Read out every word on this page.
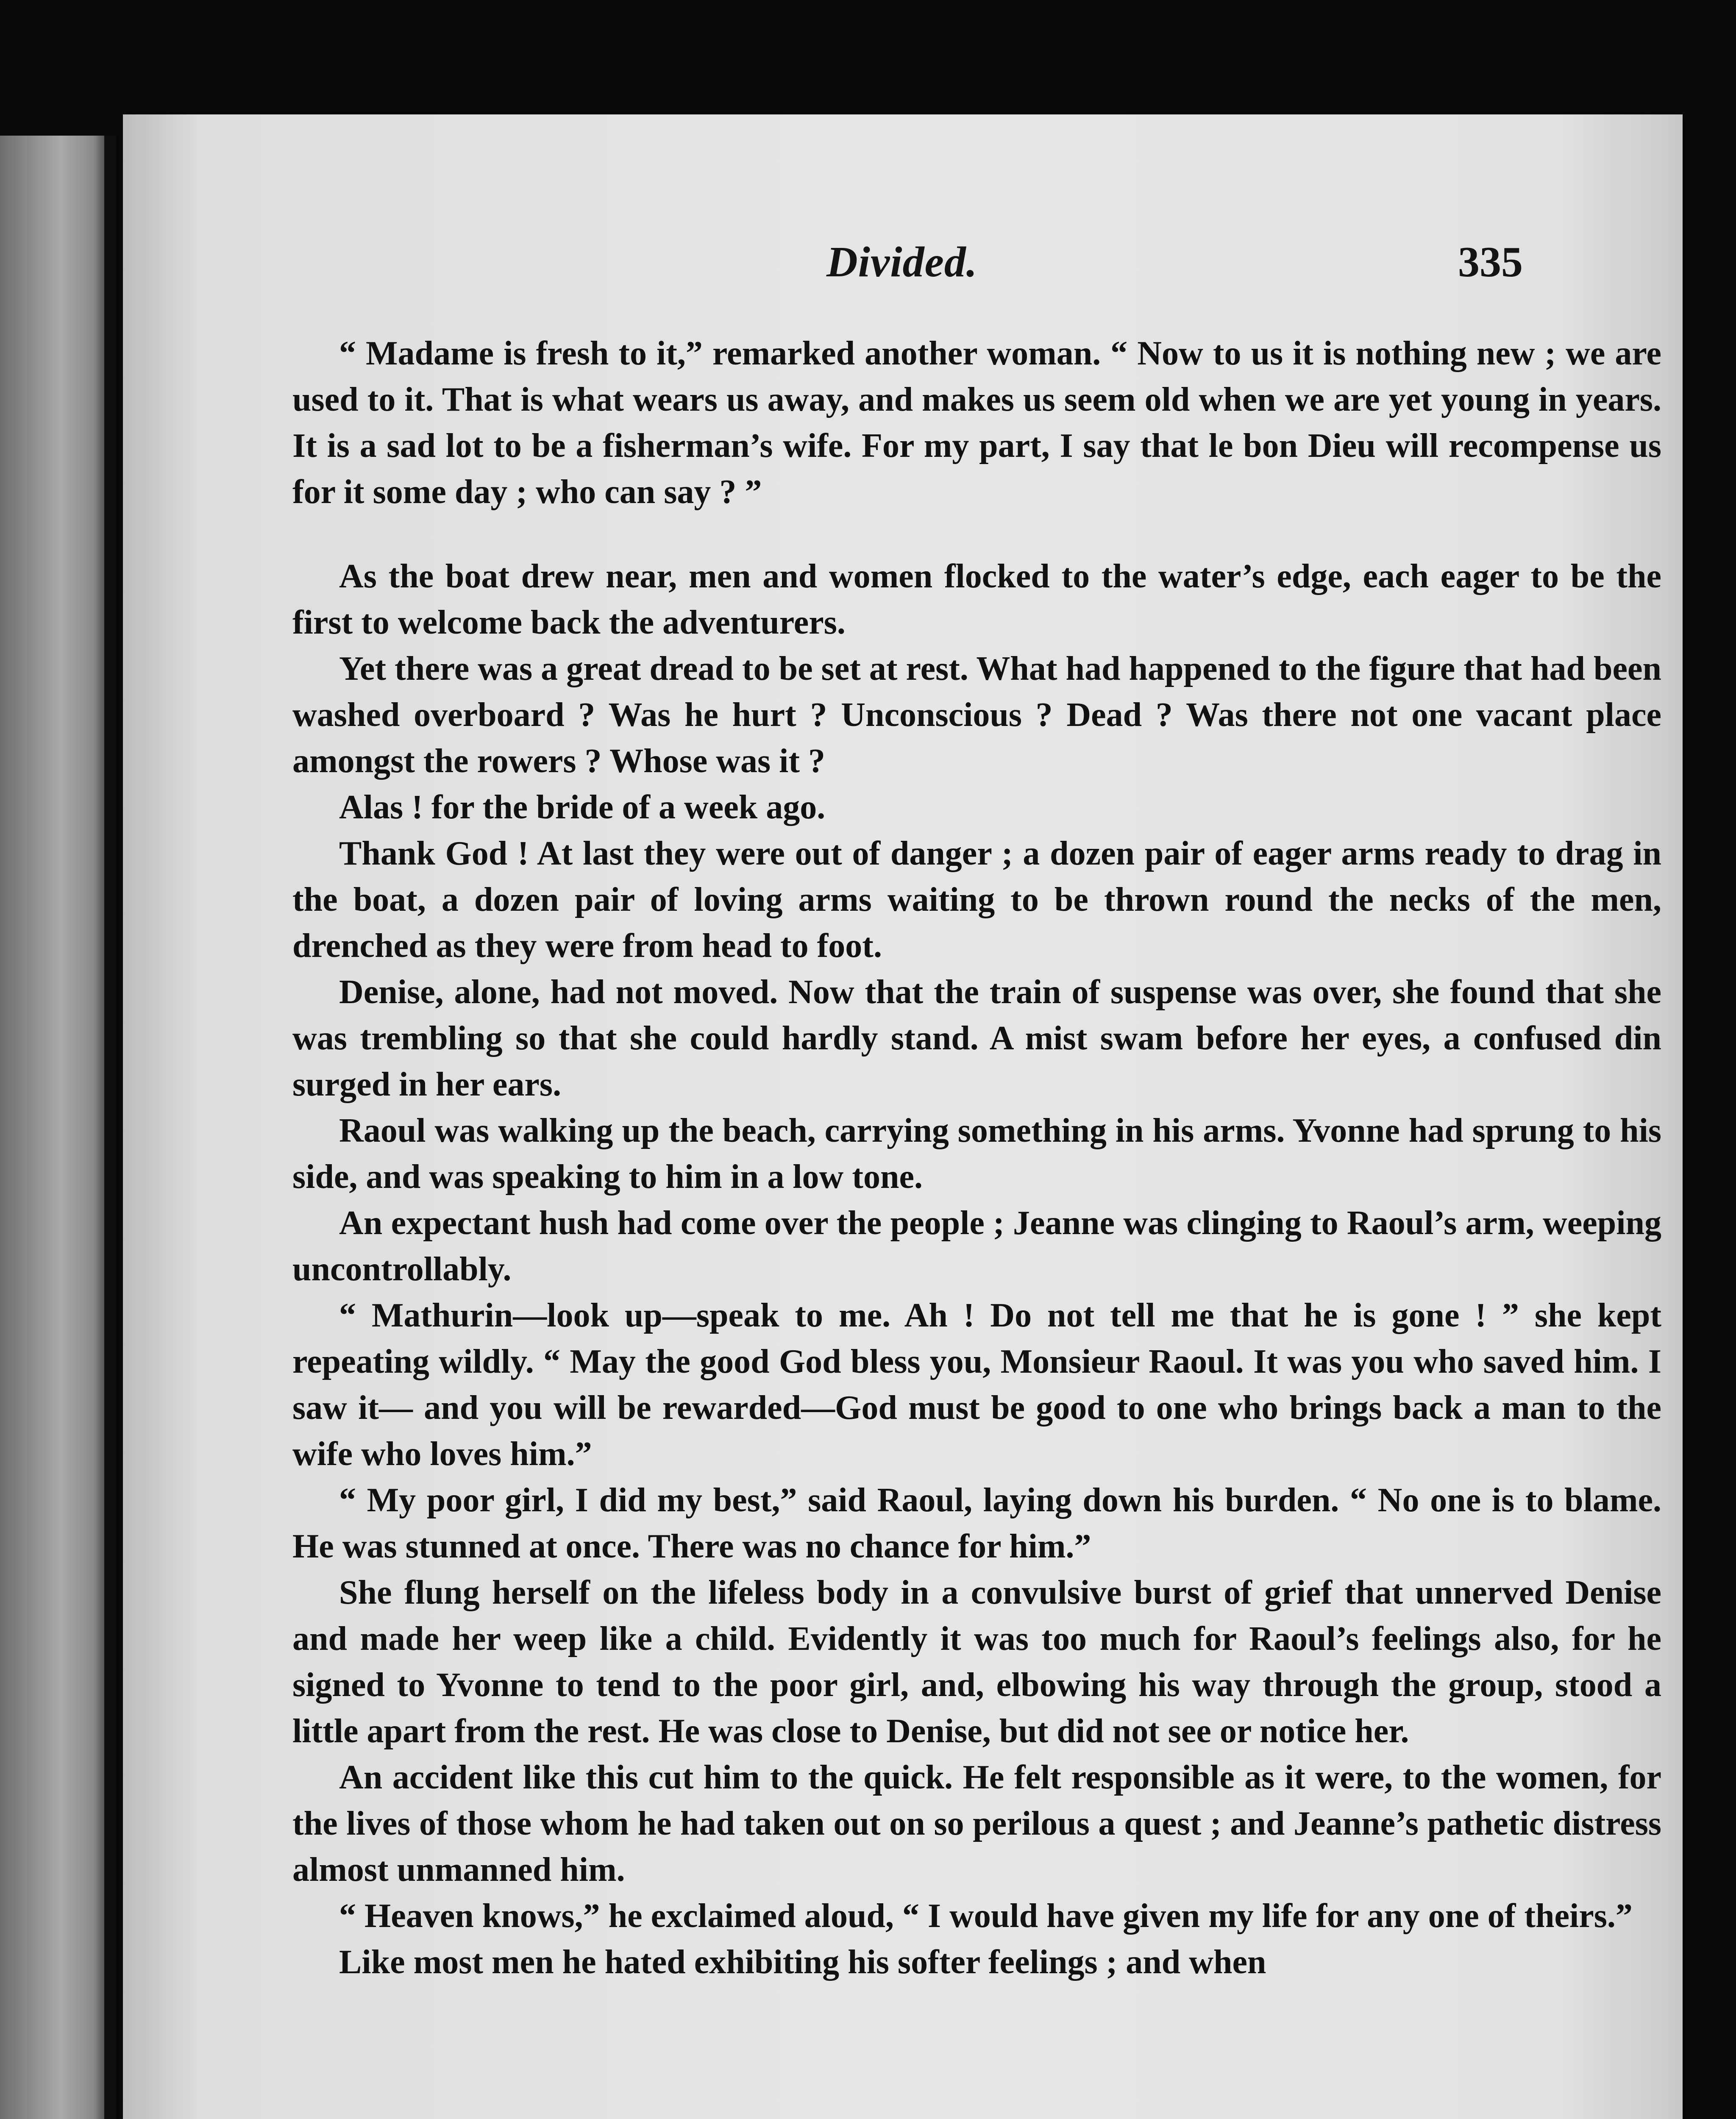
Divided.	335

“ Madame is fresh to it,” remarked another woman. “ Now to us it is nothing new ; we are used to it. That is what wears us away, and makes us seem old when we are yet young in years. It is a sad lot to be a fisherman’s wife. For my part, I say that le bon Dieu will recompense us for it some day ; who can say ? ”

As the boat drew near, men and women flocked to the water’s edge, each eager to be the first to welcome back the adventurers.

Yet there was a great dread to be set at rest. What had happened to the figure that had been washed overboard ? Was he hurt ? Unconscious ? Dead ? Was there not one vacant place amongst the rowers ? Whose was it ?

Alas ! for the bride of a week ago.

Thank God ! At last they were out of danger ; a dozen pair of eager arms ready to drag in the boat, a dozen pair of loving arms waiting to be thrown round the necks of the men, drenched as they were from head to foot.

Denise, alone, had not moved. Now that the train of suspense was over, she found that she was trembling so that she could hardly stand. A mist swam before her eyes, a confused din surged in her ears.

Raoul was walking up the beach, carrying something in his arms. Yvonne had sprung to his side, and was speaking to him in a low tone.

An expectant hush had come over the people ; Jeanne was clinging to Raoul’s arm, weeping uncontrollably.

“ Mathurin—look up—speak to me. Ah ! Do not tell me that he is gone ! ” she kept repeating wildly. “ May the good God bless you, Monsieur Raoul. It was you who saved him. I saw it— and you will be rewarded—God must be good to one who brings back a man to the wife who loves him.”

“ My poor girl, I did my best,” said Raoul, laying down his burden. “ No one is to blame. He was stunned at once. There was no chance for him.”

She flung herself on the lifeless body in a convulsive burst of grief that unnerved Denise and made her weep like a child. Evidently it was too much for Raoul’s feelings also, for he signed to Yvonne to tend to the poor girl, and, elbowing his way through the group, stood a little apart from the rest. He was close to Denise, but did not see or notice her.

An accident like this cut him to the quick. He felt responsible as it were, to the women, for the lives of those whom he had taken out on so perilous a quest ; and Jeanne’s pathetic distress almost unmanned him.

“ Heaven knows,” he exclaimed aloud, “ I would have given my life for any one of theirs.”

Like most men he hated exhibiting his softer feelings ; and when
